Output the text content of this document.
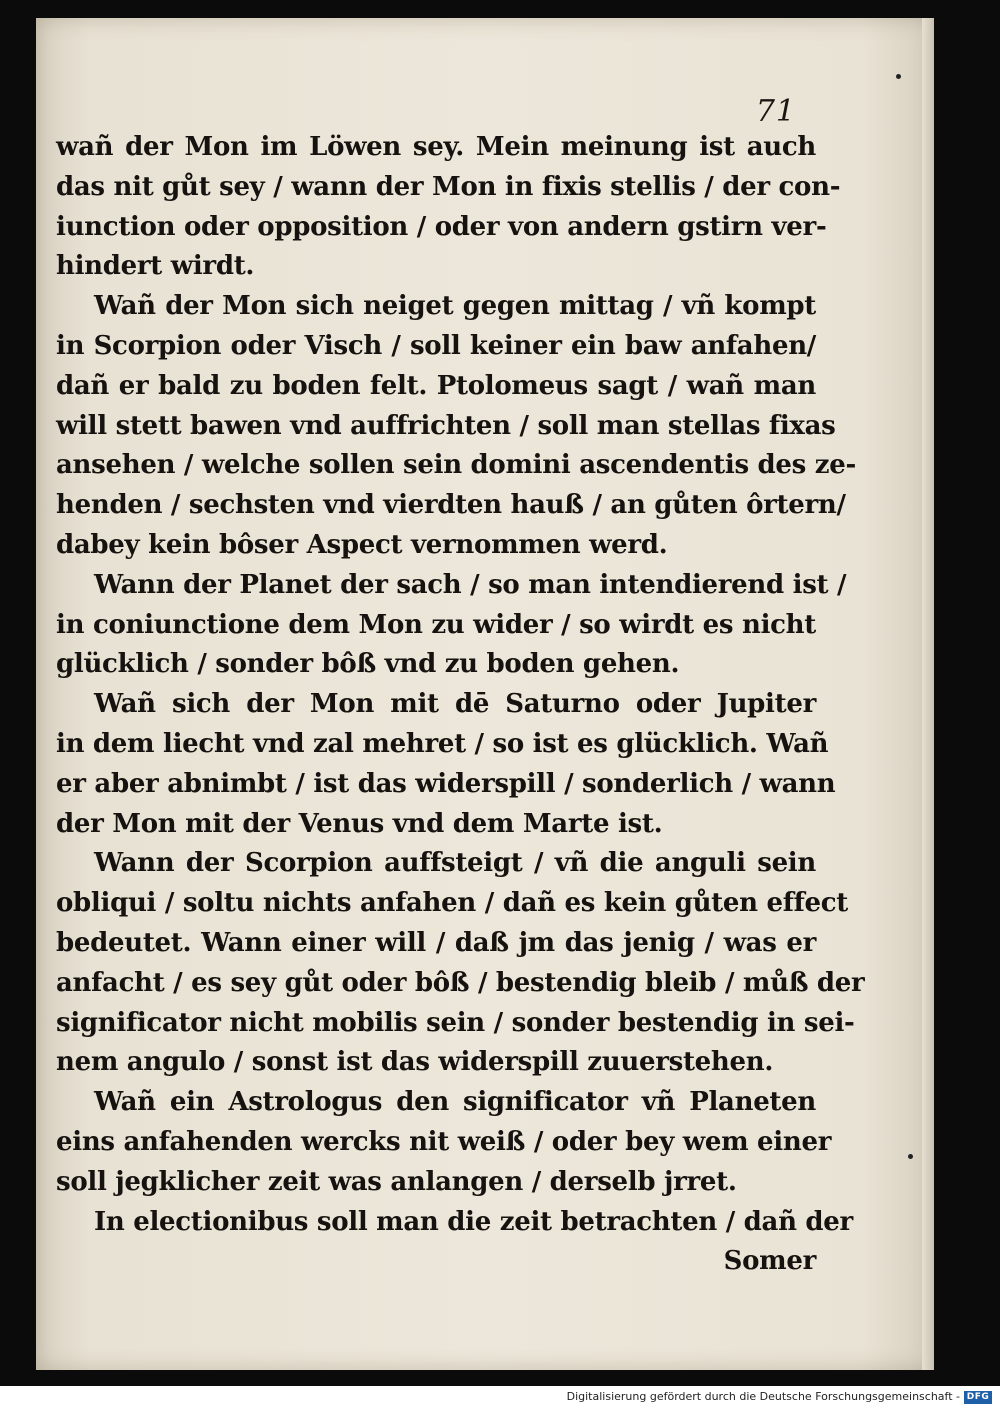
71
wañ der Mon im Löwen sey. Mein meinung ist auch
das nit gůt sey / wann der Mon in fixis stellis / der con-
iunction oder opposition / oder von andern gstirn ver-
hindert wirdt.
Wañ der Mon sich neiget gegen mittag / vñ kompt
in Scorpion oder Visch / soll keiner ein baw anfahen/
dañ er bald zu boden felt. Ptolomeus sagt / wañ man
will stett bawen vnd auffrichten / soll man stellas fixas
ansehen / welche sollen sein domini ascendentis des ze-
henden / sechsten vnd vierdten hauß / an gůten ôrtern/
dabey kein bôser Aspect vernommen werd.
Wann der Planet der sach / so man intendierend ist /
in coniunctione dem Mon zu wider / so wirdt es nicht
glücklich / sonder bôß vnd zu boden gehen.
Wañ sich der Mon mit dē Saturno oder Jupiter
in dem liecht vnd zal mehret / so ist es glücklich. Wañ
er aber abnimbt / ist das widerspill / sonderlich / wann
der Mon mit der Venus vnd dem Marte ist.
Wann der Scorpion auffsteigt / vñ die anguli sein
obliqui / soltu nichts anfahen / dañ es kein gůten effect
bedeutet. Wann einer will / daß jm das jenig / was er
anfacht / es sey gůt oder bôß / bestendig bleib / můß der
significator nicht mobilis sein / sonder bestendig in sei-
nem angulo / sonst ist das widerspill zuuerstehen.
Wañ ein Astrologus den significator vñ Planeten
eins anfahenden wercks nit weiß / oder bey wem einer
soll jegklicher zeit was anlangen / derselb jrret.
In electionibus soll man die zeit betrachten / dañ der
Somer
Digitalisierung gefördert durch die Deutsche Forschungsgemeinschaft - DFG
